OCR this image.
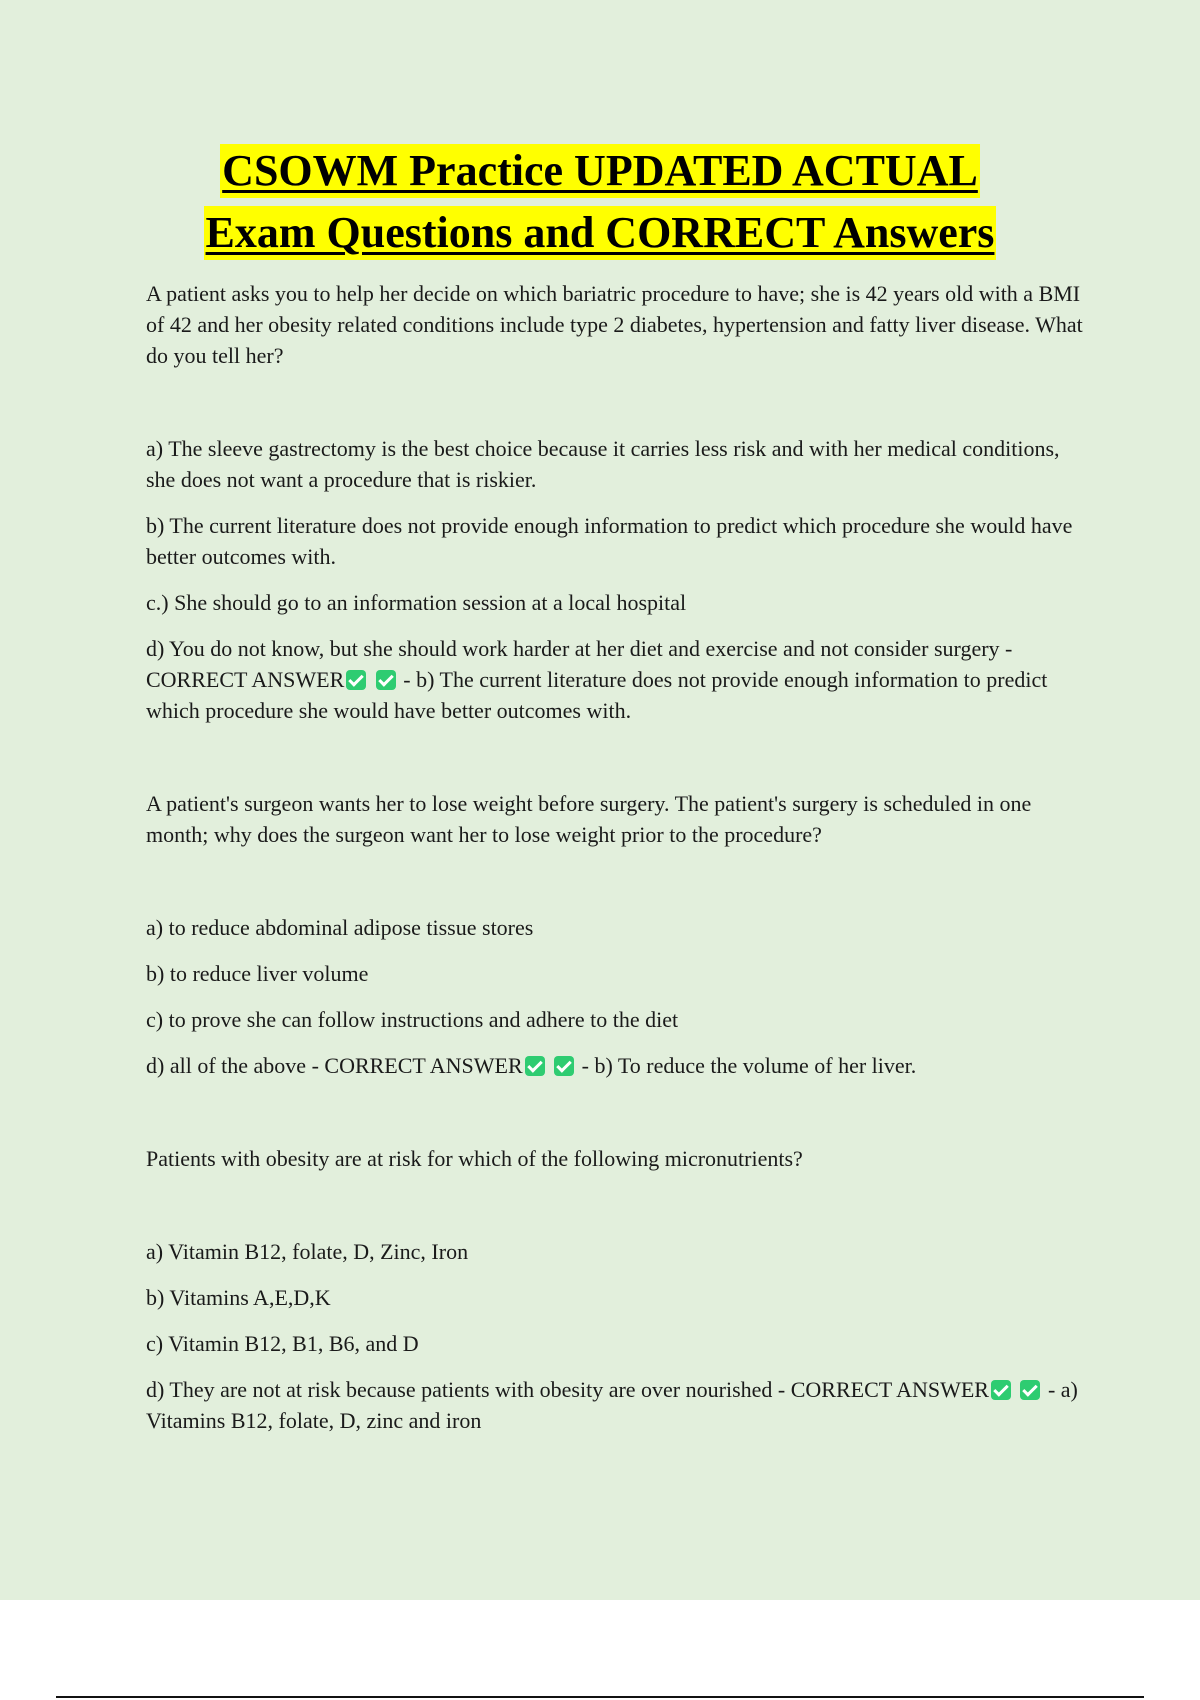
CSOWM Practice UPDATED ACTUAL
Exam Questions and CORRECT Answers

A patient asks you to help her decide on which bariatric procedure to have; she is 42 years old with a BMI of 42 and her obesity related conditions include type 2 diabetes, hypertension and fatty liver disease. What do you tell her?

a) The sleeve gastrectomy is the best choice because it carries less risk and with her medical conditions, she does not want a procedure that is riskier.

b) The current literature does not provide enough information to predict which procedure she would have better outcomes with.

c.) She should go to an information session at a local hospital

d) You do not know, but she should work harder at her diet and exercise and not consider surgery - CORRECT ANSWER	- b) The current literature does not provide enough information to predict which procedure she would have better outcomes with.

A patient's surgeon wants her to lose weight before surgery. The patient's surgery is scheduled in one month; why does the surgeon want her to lose weight prior to the procedure?

a) to reduce abdominal adipose tissue stores

b) to reduce liver volume

c) to prove she can follow instructions and adhere to the diet

d) all of the above - CORRECT ANSWER	- b) To reduce the volume of her liver.

Patients with obesity are at risk for which of the following micronutrients?

a) Vitamin B12, folate, D, Zinc, Iron

b) Vitamins A,E,D,K

c) Vitamin B12, B1, B6, and D

d) They are not at risk because patients with obesity are over nourished - CORRECT ANSWER	- a) Vitamins B12, folate, D, zinc and iron
